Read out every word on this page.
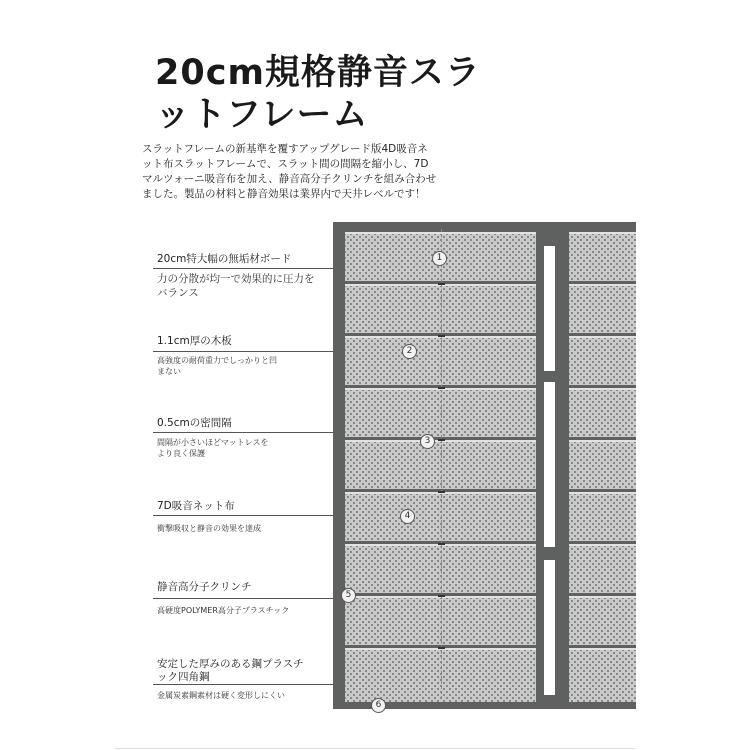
20cm規格静音スラ
ットフレーム
スラットフレームの新基準を覆すアップグレード版4D吸音ネ
ット布スラットフレームで、スラット間の間隔を縮小し、7D
マルツォーニ吸音布を加え、静音高分子クリンチを組み合わせ
ました。製品の材料と静音効果は業界内で天井レベルです！
20cm特大幅の無垢材ボード
力の分散が均一で効果的に圧力を
バランス
1.1cm厚の木板
高強度の耐荷重力でしっかりと凹
まない
0.5cmの密間隔
間隔が小さいほどマットレスを
より良く保護
7D吸音ネット布
衝撃吸収と静音の効果を達成
静音高分子クリンチ
高硬度POLYMER高分子プラスチック
安定した厚みのある鋼プラスチ
ック四角鋼
金属炭素鋼素材は硬く変形しにくい
1
2
3
4
5
6
